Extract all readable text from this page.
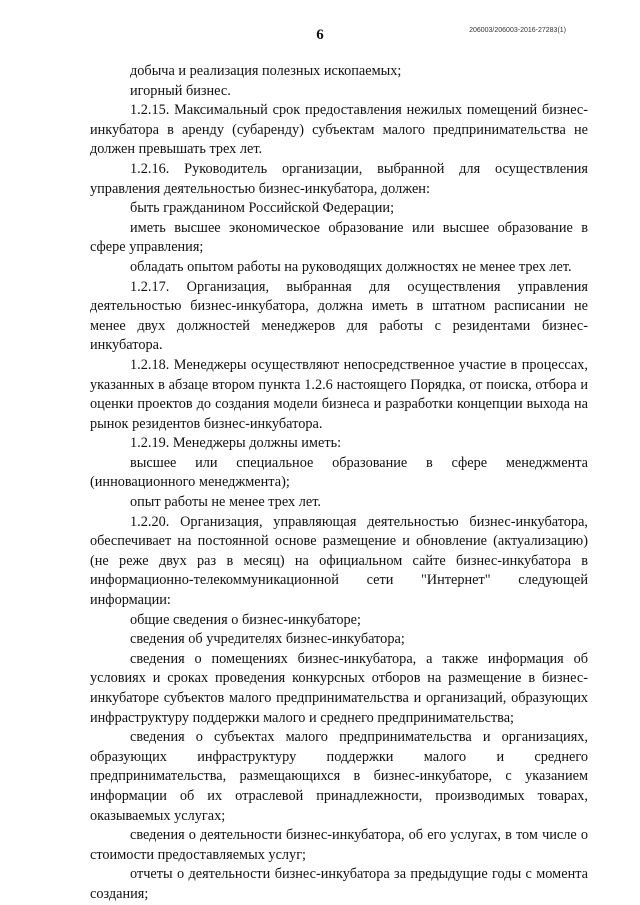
6	206003/206003-2016-27283(1)

добыча и реализация полезных ископаемых;

игорный бизнес.

1.2.15. Максимальный срок предоставления нежилых помещений бизнес-инкубатора в аренду (субаренду) субъектам малого предпринимательства не должен превышать трех лет.

1.2.16. Руководитель организации, выбранной для осуществления управления деятельностью бизнес-инкубатора, должен:

быть гражданином Российской Федерации;

иметь высшее экономическое образование или высшее образование в сфере управления;

обладать опытом работы на руководящих должностях не менее трех лет.

1.2.17. Организация, выбранная для осуществления управления деятельностью бизнес-инкубатора, должна иметь в штатном расписании не менее двух должностей менеджеров для работы с резидентами бизнес-инкубатора.

1.2.18. Менеджеры осуществляют непосредственное участие в процессах, указанных в абзаце втором пункта 1.2.6 настоящего Порядка, от поиска, отбора и оценки проектов до создания модели бизнеса и разработки концепции выхода на рынок резидентов бизнес-инкубатора.

1.2.19. Менеджеры должны иметь:

высшее или специальное образование в сфере менеджмента (инновационного менеджмента);

опыт работы не менее трех лет.

1.2.20. Организация, управляющая деятельностью бизнес-инкубатора, обеспечивает на постоянной основе размещение и обновление (актуализацию) (не реже двух раз в месяц) на официальном сайте бизнес-инкубатора в информационно-телекоммуникационной сети "Интернет" следующей информации:

общие сведения о бизнес-инкубаторе;

сведения об учредителях бизнес-инкубатора;

сведения о помещениях бизнес-инкубатора, а также информация об условиях и сроках проведения конкурсных отборов на размещение в бизнес-инкубаторе субъектов малого предпринимательства и организаций, образующих инфраструктуру поддержки малого и среднего предпринимательства;

сведения о субъектах малого предпринимательства и организациях, образующих инфраструктуру поддержки малого и среднего предпринимательства, размещающихся в бизнес-инкубаторе, с указанием информации об их отраслевой принадлежности, производимых товарах, оказываемых услугах;

сведения о деятельности бизнес-инкубатора, об его услугах, в том числе о стоимости предоставляемых услуг;

отчеты о деятельности бизнес-инкубатора за предыдущие годы с момента создания;
